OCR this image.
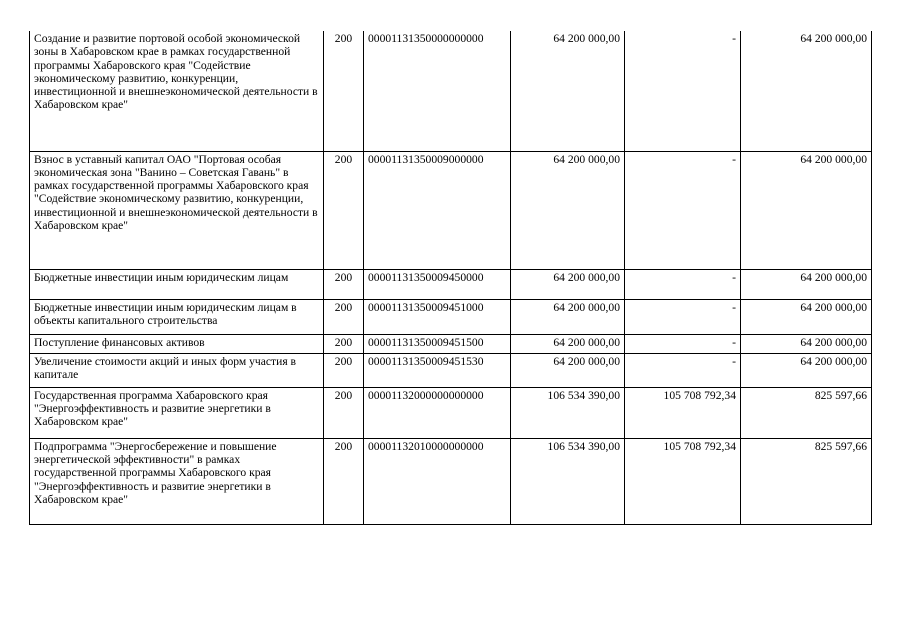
Создание и развитие портовой особой экономической зоны в Хабаровском крае в рамках государственной программы Хабаровского края "Содействие экономическому развитию, конкуренции, инвестиционной и внешнеэкономической деятельности в Хабаровском крае"	200	00001131350000000000	64 200 000,00	-	64 200 000,00
Взнос в уставный капитал ОАО "Портовая особая экономическая зона "Ванино – Советская Гавань" в рамках государственной программы Хабаровского края "Содействие экономическому развитию, конкуренции, инвестиционной и внешнеэкономической деятельности в Хабаровском крае"	200	00001131350009000000	64 200 000,00	-	64 200 000,00
Бюджетные инвестиции иным юридическим лицам	200	00001131350009450000	64 200 000,00	-	64 200 000,00
Бюджетные инвестиции иным юридическим лицам в объекты капитального строительства	200	00001131350009451000	64 200 000,00	-	64 200 000,00
Поступление финансовых активов	200	00001131350009451500	64 200 000,00	-	64 200 000,00
Увеличение стоимости акций и иных форм участия в капитале	200	00001131350009451530	64 200 000,00	-	64 200 000,00
Государственная программа Хабаровского края "Энергоэффективность и развитие энергетики в Хабаровском крае"	200	00001132000000000000	106 534 390,00	105 708 792,34	825 597,66
Подпрограмма "Энергосбережение и повышение энергетической эффективности" в рамках государственной программы Хабаровского края "Энергоэффективность и развитие энергетики в Хабаровском крае"	200	00001132010000000000	106 534 390,00	105 708 792,34	825 597,66
